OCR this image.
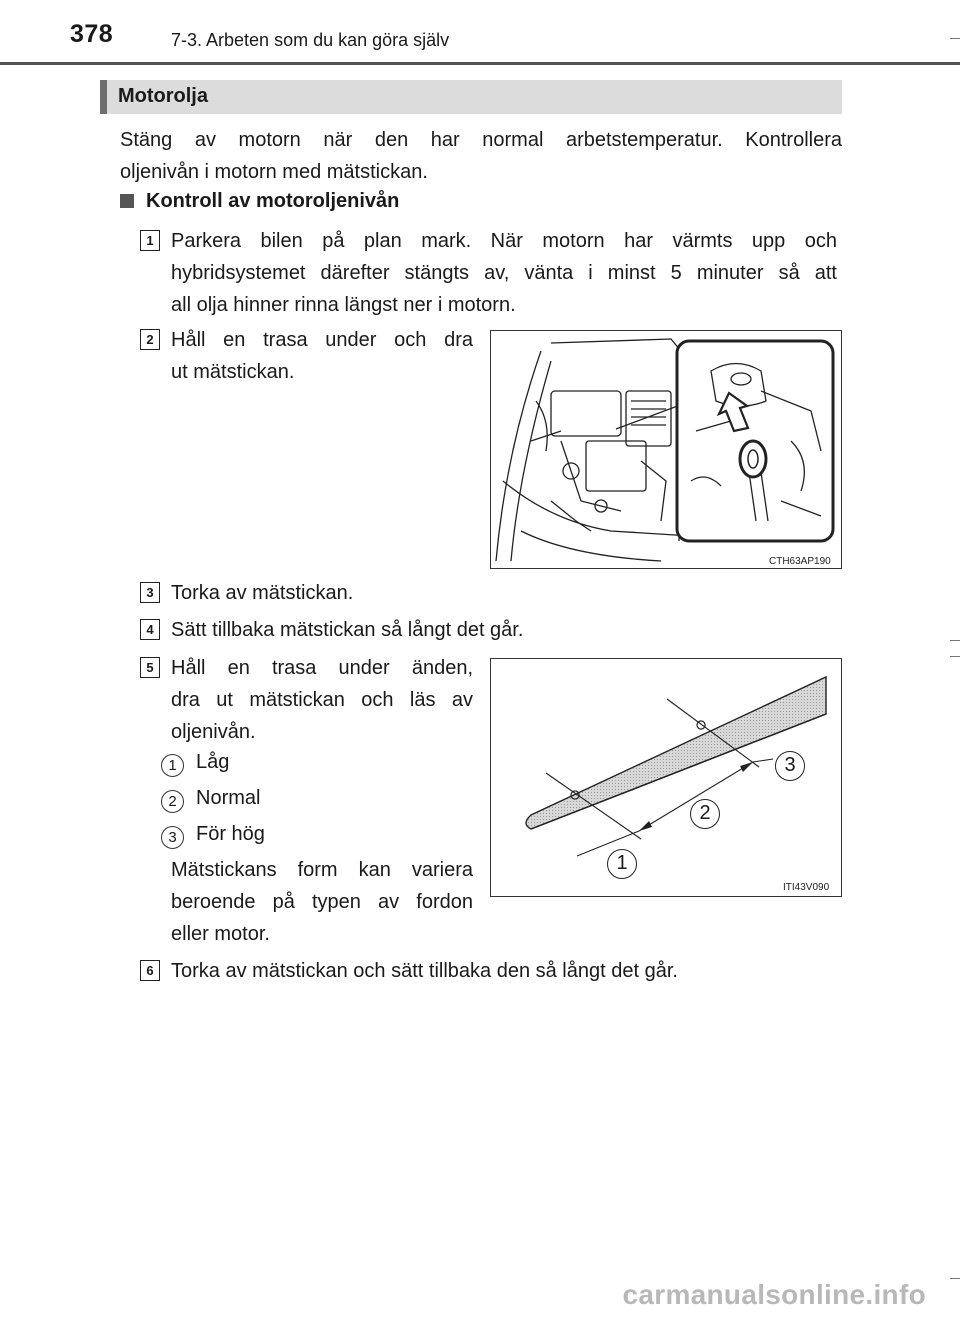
378	7-3. Arbeten som du kan göra själv
Motorolja
Stäng av motorn när den har normal arbetstemperatur. Kontrollera
oljenivån i motorn med mätstickan.
Kontroll av motoroljenivån
1 Parkera bilen på plan mark. När motorn har värmts upp och
hybridsystemet därefter stängts av, vänta i minst 5 minuter så att
all olja hinner rinna längst ner i motorn.
2 Håll en trasa under och dra
ut mätstickan.
CTH63AP190
3 Torka av mätstickan.
4 Sätt tillbaka mätstickan så långt det går.
5 Håll en trasa under änden,
dra ut mätstickan och läs av
oljenivån.
1 Låg
2 Normal
3 För hög
Mätstickans form kan variera
beroende på typen av fordon
eller motor.
1
2
3
ITI43V090
6 Torka av mätstickan och sätt tillbaka den så långt det går.
carmanualsonline.info
